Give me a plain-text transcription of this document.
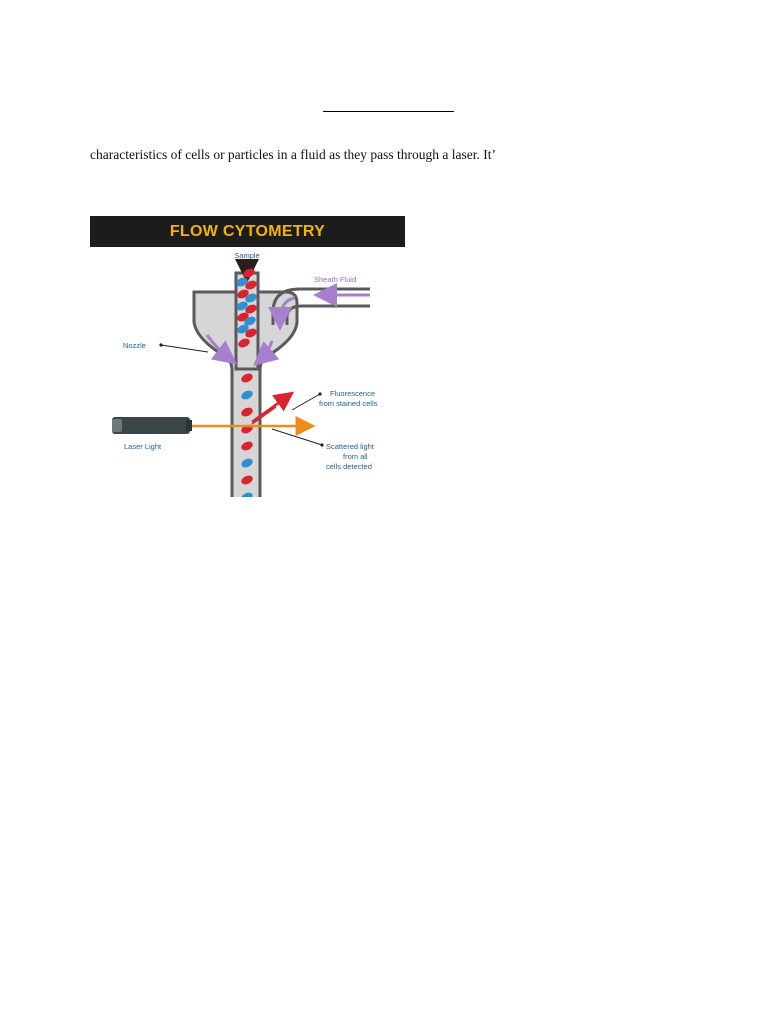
characteristics of cells or particles in a fluid as they pass through a laser. It’
FLOW CYTOMETRY
Sample
Sheath Fluid
Nozzle
Fluorescence
from stained cells
Laser Light	Scattered light
from all
cells detected
